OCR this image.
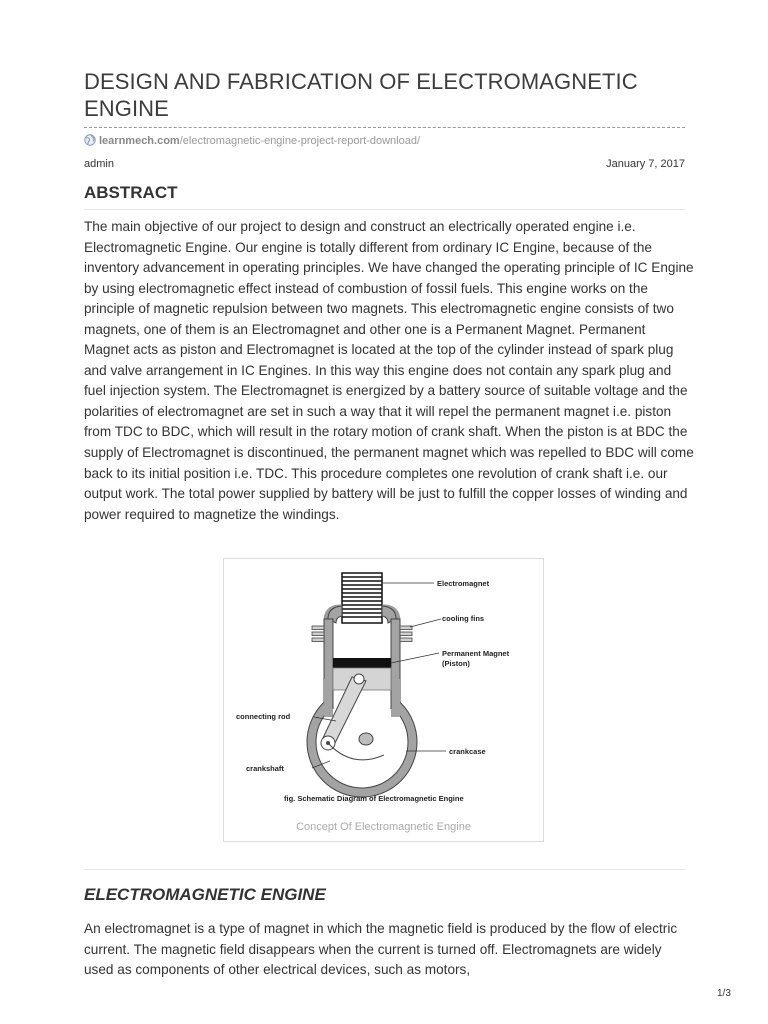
DESIGN AND FABRICATION OF ELECTROMAGNETIC ENGINE
learnmech.com/electromagnetic-engine-project-report-download/
admin	January 7, 2017
ABSTRACT

The main objective of our project to design and construct an electrically operated engine i.e. Electromagnetic Engine. Our engine is totally different from ordinary IC Engine, because of the inventory advancement in operating principles. We have changed the operating principle of IC Engine by using electromagnetic effect instead of combustion of fossil fuels. This engine works on the principle of magnetic repulsion between two magnets. This electromagnetic engine consists of two magnets, one of them is an Electromagnet and other one is a Permanent Magnet. Permanent Magnet acts as piston and Electromagnet is located at the top of the cylinder instead of spark plug and valve arrangement in IC Engines. In this way this engine does not contain any spark plug and fuel injection system. The Electromagnet is energized by a battery source of suitable voltage and the polarities of electromagnet are set in such a way that it will repel the permanent magnet i.e. piston from TDC to BDC, which will result in the rotary motion of crank shaft. When the piston is at BDC the supply of Electromagnet is discontinued, the permanent magnet which was repelled to BDC will come back to its initial position i.e. TDC. This procedure completes one revolution of crank shaft i.e. our output work. The total power supplied by battery will be just to fulfill the copper losses of winding and power required to magnetize the windings.

Electromagnet
cooling fins
Permanent Magnet
(Piston)
connecting rod
crankcase
crankshaft
fig. Schematic Diagram of Electromagnetic Engine
Concept Of Electromagnetic Engine
ELECTROMAGNETIC ENGINE

An electromagnet is a type of magnet in which the magnetic field is produced by the flow of electric current. The magnetic field disappears when the current is turned off. Electromagnets are widely used as components of other electrical devices, such as motors,

1/3
